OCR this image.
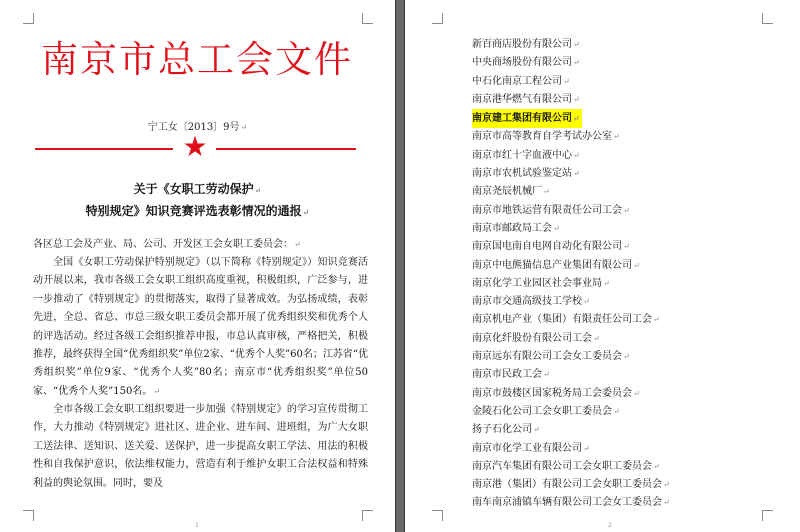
南京市总工会文件
宁工女〔2013〕9号↵
★
关于《女职工劳动保护↵
特别规定》知识竞赛评选表彰情况的通报↵

各区总工会及产业、局、公司、开发区工会女职工委员会：↵

全国《女职工劳动保护特别规定》（以下简称《特别规定》）知识竞赛活动开展以来，我市各级工会女职工组织高度重视，积极组织，广泛参与，进一步推动了《特别规定》的贯彻落实，取得了显著成效。为弘扬成绩，表彰先进，全总、省总、市总三级女职工委员会都开展了优秀组织奖和优秀个人的评选活动。经过各级工会组织推荐申报，市总认真审核，严格把关，积极推荐，最终获得全国“优秀组织奖”单位2家、“优秀个人奖”60名；江苏省“优秀组织奖”单位9家、“优秀个人奖”80名；南京市“优秀组织奖”单位50家、“优秀个人奖”150名。↵

全市各级工会女职工组织要进一步加强《特别规定》的学习宣传贯彻工作，大力推动《特别规定》进社区、进企业、进车间、进班组，为广大女职工送法律、送知识、送关爱、送保护，进一步提高女职工学法、用法的积极性和自我保护意识，依法维权能力，营造有利于维护女职工合法权益和特殊利益的舆论氛围。同时，要及

1	2
新百商店股份有限公司↵
中央商场股份有限公司↵
中石化南京工程公司↵
南京港华燃气有限公司↵
南京建工集团有限公司↵
南京市高等教育自学考试办公室↵
南京市红十字血液中心↵
南京市农机试验鉴定站↵
南京尧辰机械厂↵
南京市地铁运营有限责任公司工会↵
南京市邮政局工会↵
南京国电南自电网自动化有限公司↵
南京中电熊猫信息产业集团有限公司↵
南京化学工业园区社会事业局↵
南京市交通高级技工学校↵
南京机电产业（集团）有限责任公司工会↵
南京化纤股份有限公司工会↵
南京远东有限公司工会女工委员会↵
南京市民政工会↵
南京市鼓楼区国家税务局工会委员会↵
金陵石化公司工会女职工委员会↵
扬子石化公司↵
南京市化学工业有限公司↵
南京汽车集团有限公司工会女职工委员会↵
南京港（集团）有限公司工会女职工委员会↵
南车南京浦镇车辆有限公司工会女工委员会↵
